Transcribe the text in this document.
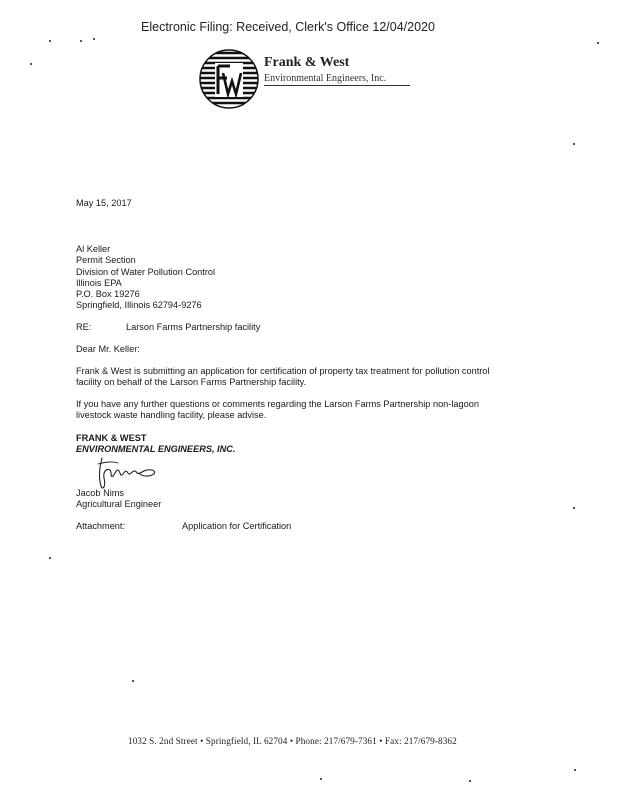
Electronic Filing: Received, Clerk's Office 12/04/2020
Frank & West
Environmental Engineers, Inc.
May 15, 2017
Al Keller
Permit Section
Division of Water Pollution Control
Illinois EPA
P.O. Box 19276
Springfield, Illinois 62794-9276
RE:	Larson Farms Partnership facility
Dear Mr. Keller:
Frank & West is submitting an application for certification of property tax treatment for pollution control
facility on behalf of the Larson Farms Partnership facility.
If you have any further questions or comments regarding the Larson Farms Partnership non-lagoon
livestock waste handling facility, please advise.
FRANK & WEST
ENVIRONMENTAL ENGINEERS, INC.
Jacob Nims
Agricultural Engineer
Attachment:	Application for Certification
1032 S. 2nd Street • Springfield, IL 62704 • Phone: 217/679-7361 • Fax: 217/679-8362
